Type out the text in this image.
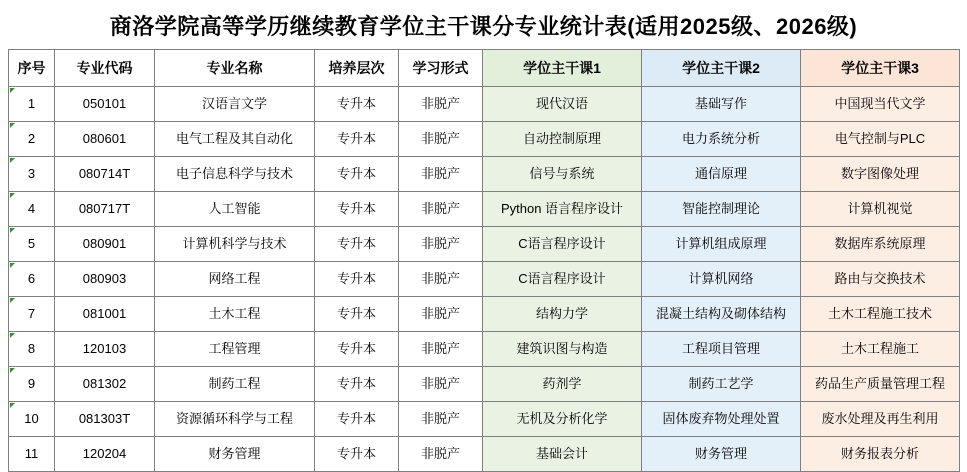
商洛学院高等学历继续教育学位主干课分专业统计表(适用2025级、2026级)
序号	专业代码	专业名称	培养层次	学习形式	学位主干课1	学位主干课2	学位主干课3
1	050101	汉语言文学	专升本	非脱产	现代汉语	基础写作	中国现当代文学
2	080601	电气工程及其自动化	专升本	非脱产	自动控制原理	电力系统分析	电气控制与PLC
3	080714T	电子信息科学与技术	专升本	非脱产	信号与系统	通信原理	数字图像处理
4	080717T	人工智能	专升本	非脱产	Python 语言程序设计	智能控制理论	计算机视觉
5	080901	计算机科学与技术	专升本	非脱产	C语言程序设计	计算机组成原理	数据库系统原理
6	080903	网络工程	专升本	非脱产	C语言程序设计	计算机网络	路由与交换技术
7	081001	土木工程	专升本	非脱产	结构力学	混凝土结构及砌体结构	土木工程施工技术
8	120103	工程管理	专升本	非脱产	建筑识图与构造	工程项目管理	土木工程施工
9	081302	制药工程	专升本	非脱产	药剂学	制药工艺学	药品生产质量管理工程
10	081303T	资源循环科学与工程	专升本	非脱产	无机及分析化学	固体废弃物处理处置	废水处理及再生利用
11	120204	财务管理	专升本	非脱产	基础会计	财务管理	财务报表分析
